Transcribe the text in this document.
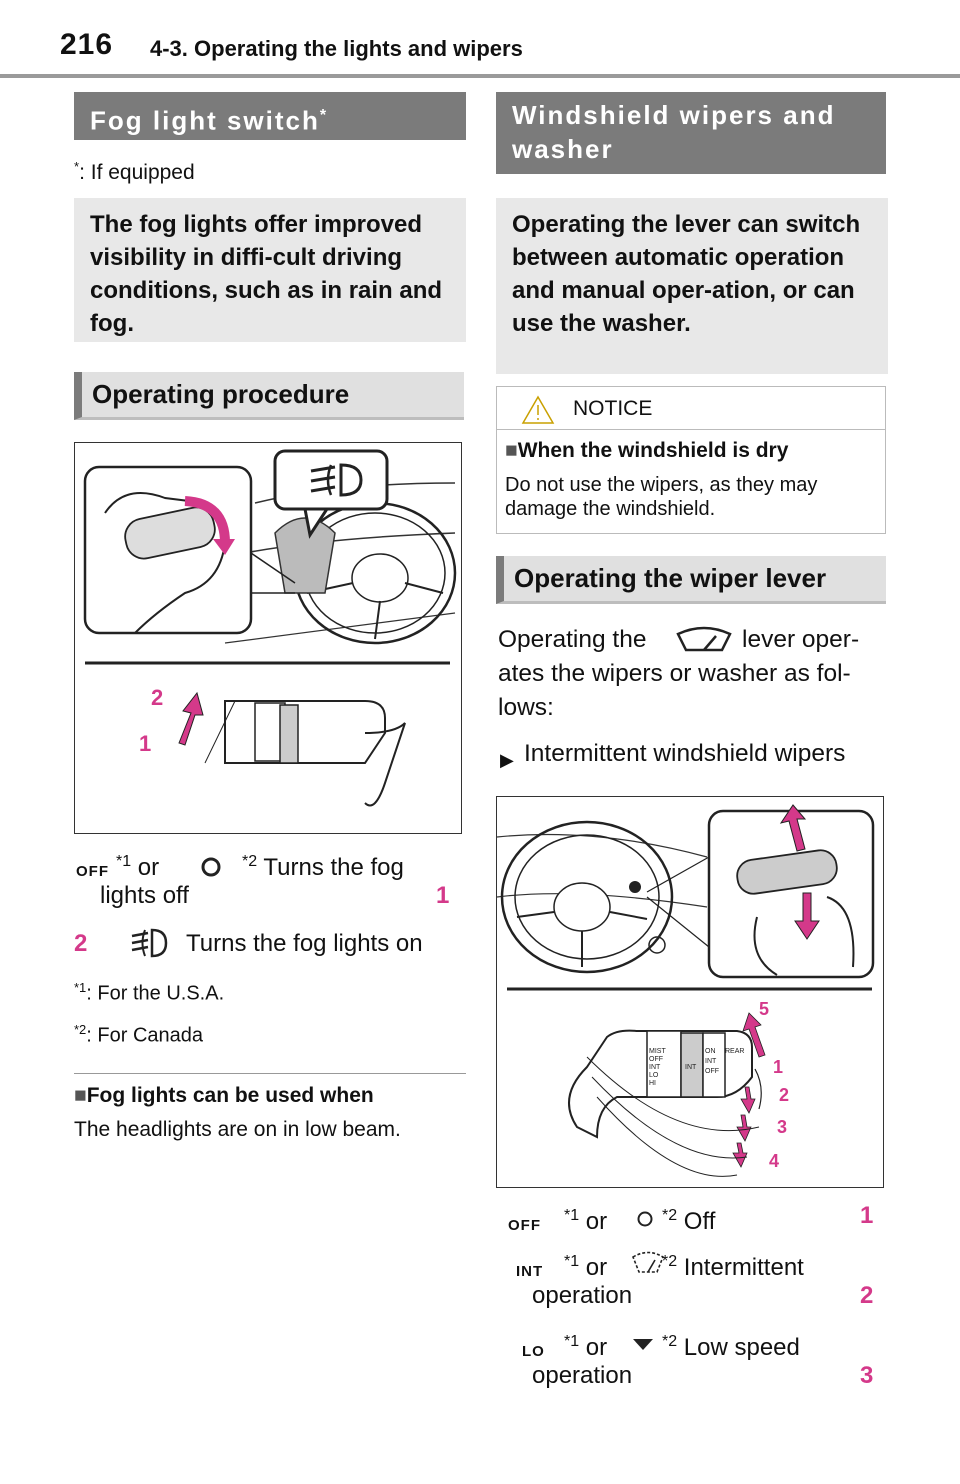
216 4-3. Operating the lights and wipers
Fog light switch*
*: If equipped
The fog lights offer improved visibility in diffi-cult driving conditions, such as in rain and fog.
Operating procedure
2
1
OFF
$^{*1}$ or	$^{*2}$ Turns the fog
lights off	1
2	Turns the fog lights on
$^{*1}$: For the U.S.A.
$^{*2}$: For Canada
■Fog lights can be used when
The headlights are on in low beam.
Windshield wipers and
washer
Operating the lever can switch between automatic operation and manual oper-ation, or can use the washer.
NOTICE
■When the windshield is dry
Do not use the wipers, as they may damage the windshield.
Operating the wiper lever
Operating the	lever oper-
ates the wipers or washer as fol-
lows:
▶ Intermittent windshield wipers
MIST
OFF
INT
LO
HI
INT
ON
INT
OFF
REAR
5
1
2
3
4
OFF
$^{*1}$ or	$^{*2}$ Off	1
INT
$^{*1}$ or	$^{*2}$ Intermittent
operation	2
LO
$^{*1}$ or	$^{*2}$ Low speed
operation	3
